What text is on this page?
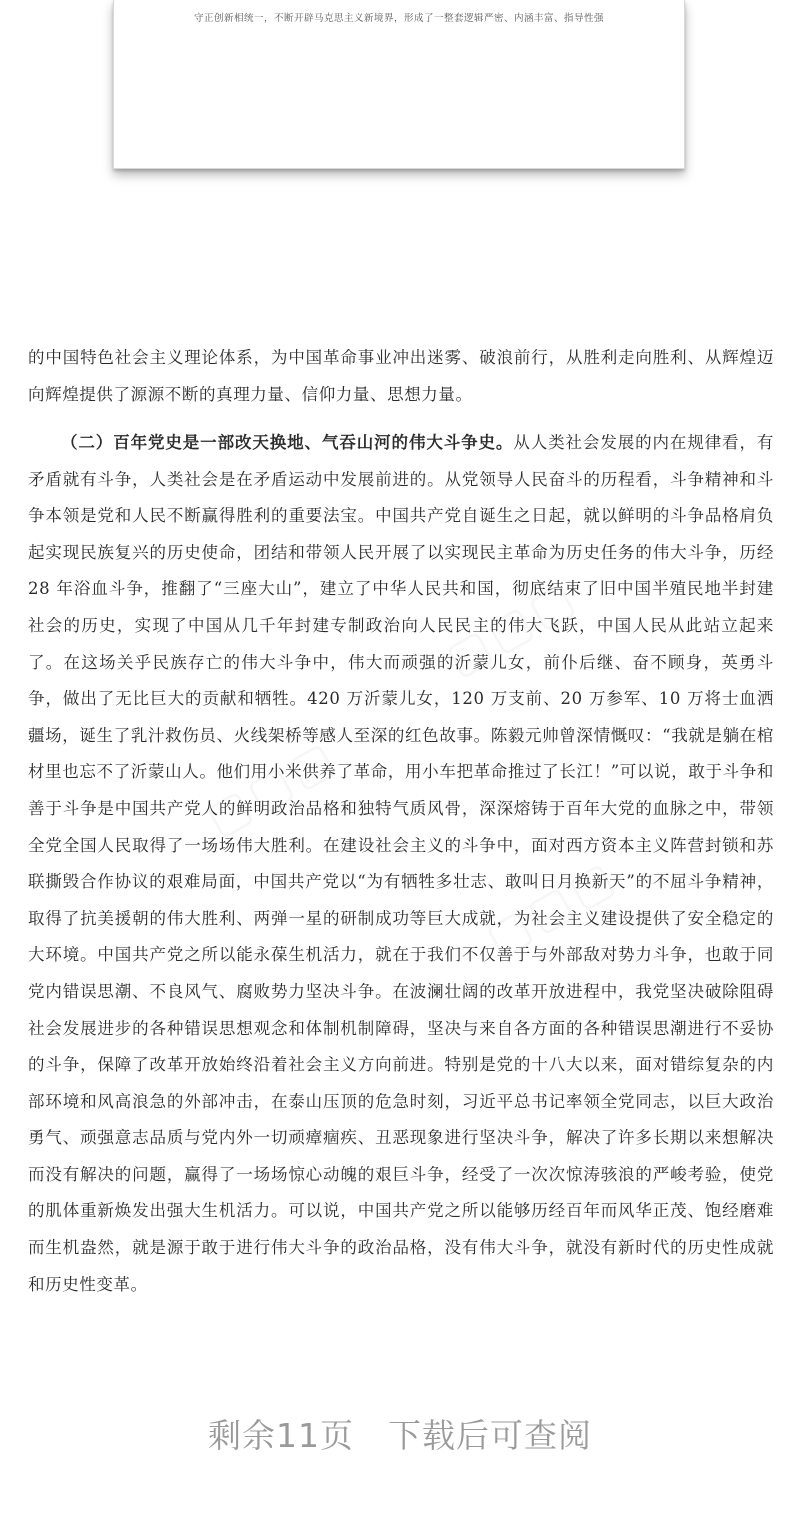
守正创新相统一，不断开辟马克思主义新境界，形成了一整套逻辑严密、内涵丰富、指导性强

的中国特色社会主义理论体系，为中国革命事业冲出迷雾、破浪前行，从胜利走向胜利、从辉煌迈向辉煌提供了源源不断的真理力量、信仰力量、思想力量。

（二）百年党史是一部改天换地、气吞山河的伟大斗争史。从人类社会发展的内在规律看，有矛盾就有斗争，人类社会是在矛盾运动中发展前进的。从党领导人民奋斗的历程看，斗争精神和斗争本领是党和人民不断赢得胜利的重要法宝。中国共产党自诞生之日起，就以鲜明的斗争品格肩负起实现民族复兴的历史使命，团结和带领人民开展了以实现民主革命为历史任务的伟大斗争，历经 28 年浴血斗争，推翻了“三座大山”，建立了中华人民共和国，彻底结束了旧中国半殖民地半封建社会的历史，实现了中国从几千年封建专制政治向人民民主的伟大飞跃，中国人民从此站立起来了。在这场关乎民族存亡的伟大斗争中，伟大而顽强的沂蒙儿女，前仆后继、奋不顾身，英勇斗争，做出了无比巨大的贡献和牺牲。420 万沂蒙儿女，120 万支前、20 万参军、10 万将士血洒疆场，诞生了乳汁救伤员、火线架桥等感人至深的红色故事。陈毅元帅曾深情慨叹：“我就是躺在棺材里也忘不了沂蒙山人。他们用小米供养了革命，用小车把革命推过了长江！”可以说，敢于斗争和善于斗争是中国共产党人的鲜明政治品格和独特气质风骨，深深熔铸于百年大党的血脉之中，带领全党全国人民取得了一场场伟大胜利。在建设社会主义的斗争中，面对西方资本主义阵营封锁和苏联撕毁合作协议的艰难局面，中国共产党以“为有牺牲多壮志、敢叫日月换新天”的不屈斗争精神，取得了抗美援朝的伟大胜利、两弹一星的研制成功等巨大成就，为社会主义建设提供了安全稳定的大环境。中国共产党之所以能永葆生机活力，就在于我们不仅善于与外部敌对势力斗争，也敢于同党内错误思潮、不良风气、腐败势力坚决斗争。在波澜壮阔的改革开放进程中，我党坚决破除阻碍社会发展进步的各种错误思想观念和体制机制障碍，坚决与来自各方面的各种错误思潮进行不妥协的斗争，保障了改革开放始终沿着社会主义方向前进。特别是党的十八大以来，面对错综复杂的内部环境和风高浪急的外部冲击，在泰山压顶的危急时刻，习近平总书记率领全党同志，以巨大政治勇气、顽强意志品质与党内外一切顽瘴痼疾、丑恶现象进行坚决斗争，解决了许多长期以来想解决而没有解决的问题，赢得了一场场惊心动魄的艰巨斗争，经受了一次次惊涛骇浪的严峻考验，使党的肌体重新焕发出强大生机活力。可以说，中国共产党之所以能够历经百年而风华正茂、饱经磨难而生机盎然，就是源于敢于进行伟大斗争的政治品格，没有伟大斗争，就没有新时代的历史性成就和历史性变革。

剩余11页　下载后可查阅
